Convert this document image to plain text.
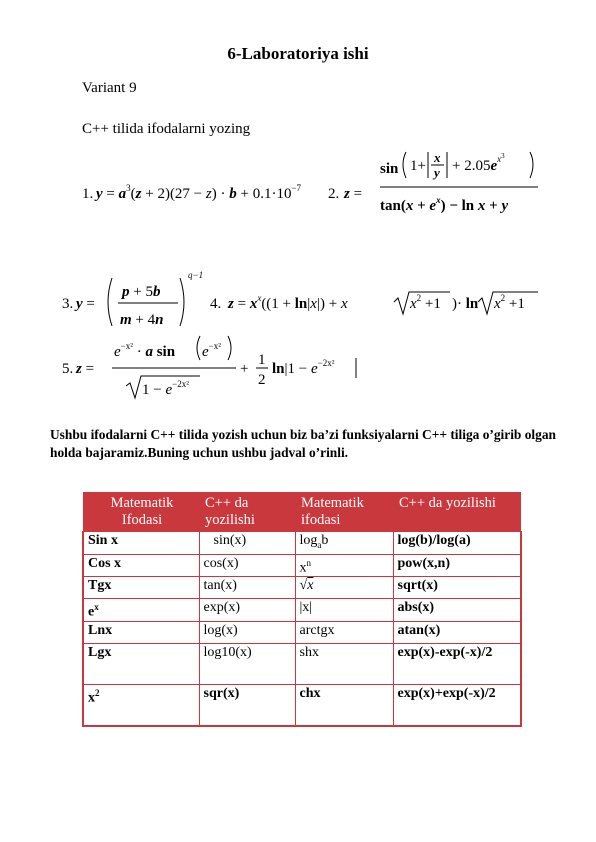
6-Laboratoriya ishi
Variant 9
C++ tilida ifodalarni yozing
1. $y = a^3(z + 2)(27 - z) \cdot b + 0.1\cdot 10^{-7}$ 2. z =
sin 1+
x
$y + 2.05e^{x3}$
$\tan(x + e^x) - \ln x + y$
3. y =
p + 5b
m + 4n
q−1
4. $z = x^x((1 + \ln|x|) + x$	$x^2 +1$ )· $\ln x^2 +1$
5. z =
$e^{-x^2} \cdot a$ $\sin e^{-x^2}$
$1 - e^{-2x^2}$
+
1
2
$\ln|1 - e^{-2x^2}$
Ushbu ifodalarni C++ tilida yozish uchun biz ba’zi funksiyalarni C++ tiliga o’girib olgan holda bajaramiz.Buning uchun ushbu jadval o’rinli.
Matematik Ifodasi	C++ da yozilishi	Matematik ifodasi	C++ da yozilishi
Sin x	sin(x)	$\log_ab$	log(b)/log(a)
Cos x	cos(x)	$x^n$	pow(x,n)
Tgx	tan(x)	√x	sqrt(x)
$e^x$	exp(x)	|x|	abs(x)
Lnx	log(x)	arctgx	atan(x)
Lgx	log10(x)	shx	exp(x)-exp(-x)/2
$x^2$	sqr(x)	chx	exp(x)+exp(-x)/2
